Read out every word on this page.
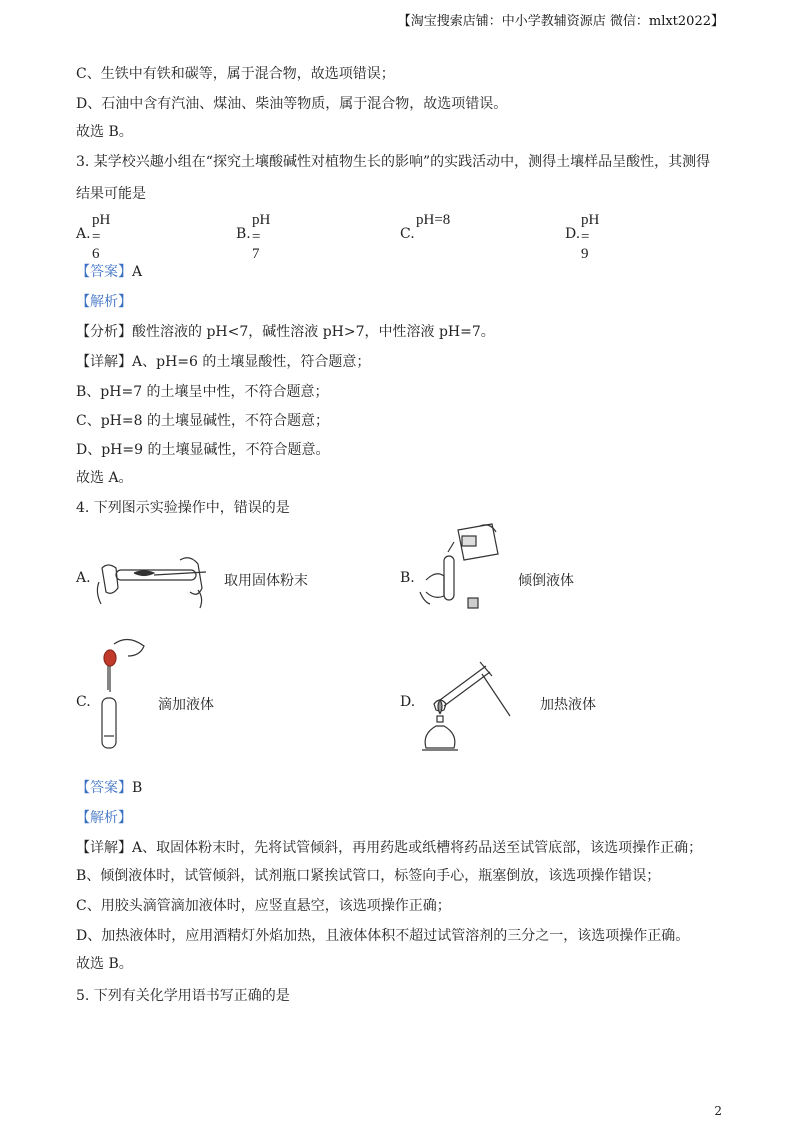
【淘宝搜索店铺：中小学教辅资源店 微信：mlxt2022】
C、生铁中有铁和碳等，属于混合物，故选项错误；
D、石油中含有汽油、煤油、柴油等物质，属于混合物，故选项错误。
故选 B。
3. 某学校兴趣小组在“探究土壤酸碱性对植物生长的影响”的实践活动中，测得土壤样品呈酸性，其测得
结果可能是
A.
pH = 6
B.
pH = 7
C.
pH=8
D.
pH = 9
【答案】A
【解析】
【分析】酸性溶液的 pH<7，碱性溶液 pH>7，中性溶液 pH=7。
【详解】A、pH=6 的土壤显酸性，符合题意；
B、pH=7 的土壤呈中性，不符合题意；
C、pH=8 的土壤显碱性，不符合题意；
D、pH=9 的土壤显碱性，不符合题意。
故选 A。
4. 下列图示实验操作中，错误的是
A.	取用固体粉末	B.	倾倒液体
C.	滴加液体	D.	加热液体
【答案】B
【解析】
【详解】A、取固体粉末时，先将试管倾斜，再用药匙或纸槽将药品送至试管底部，该选项操作正确；
B、倾倒液体时，试管倾斜，试剂瓶口紧挨试管口，标签向手心，瓶塞倒放，该选项操作错误；
C、用胶头滴管滴加液体时，应竖直悬空，该选项操作正确；
D、加热液体时，应用酒精灯外焰加热，且液体体积不超过试管溶剂的三分之一，该选项操作正确。
故选 B。
5. 下列有关化学用语书写正确的是
2
